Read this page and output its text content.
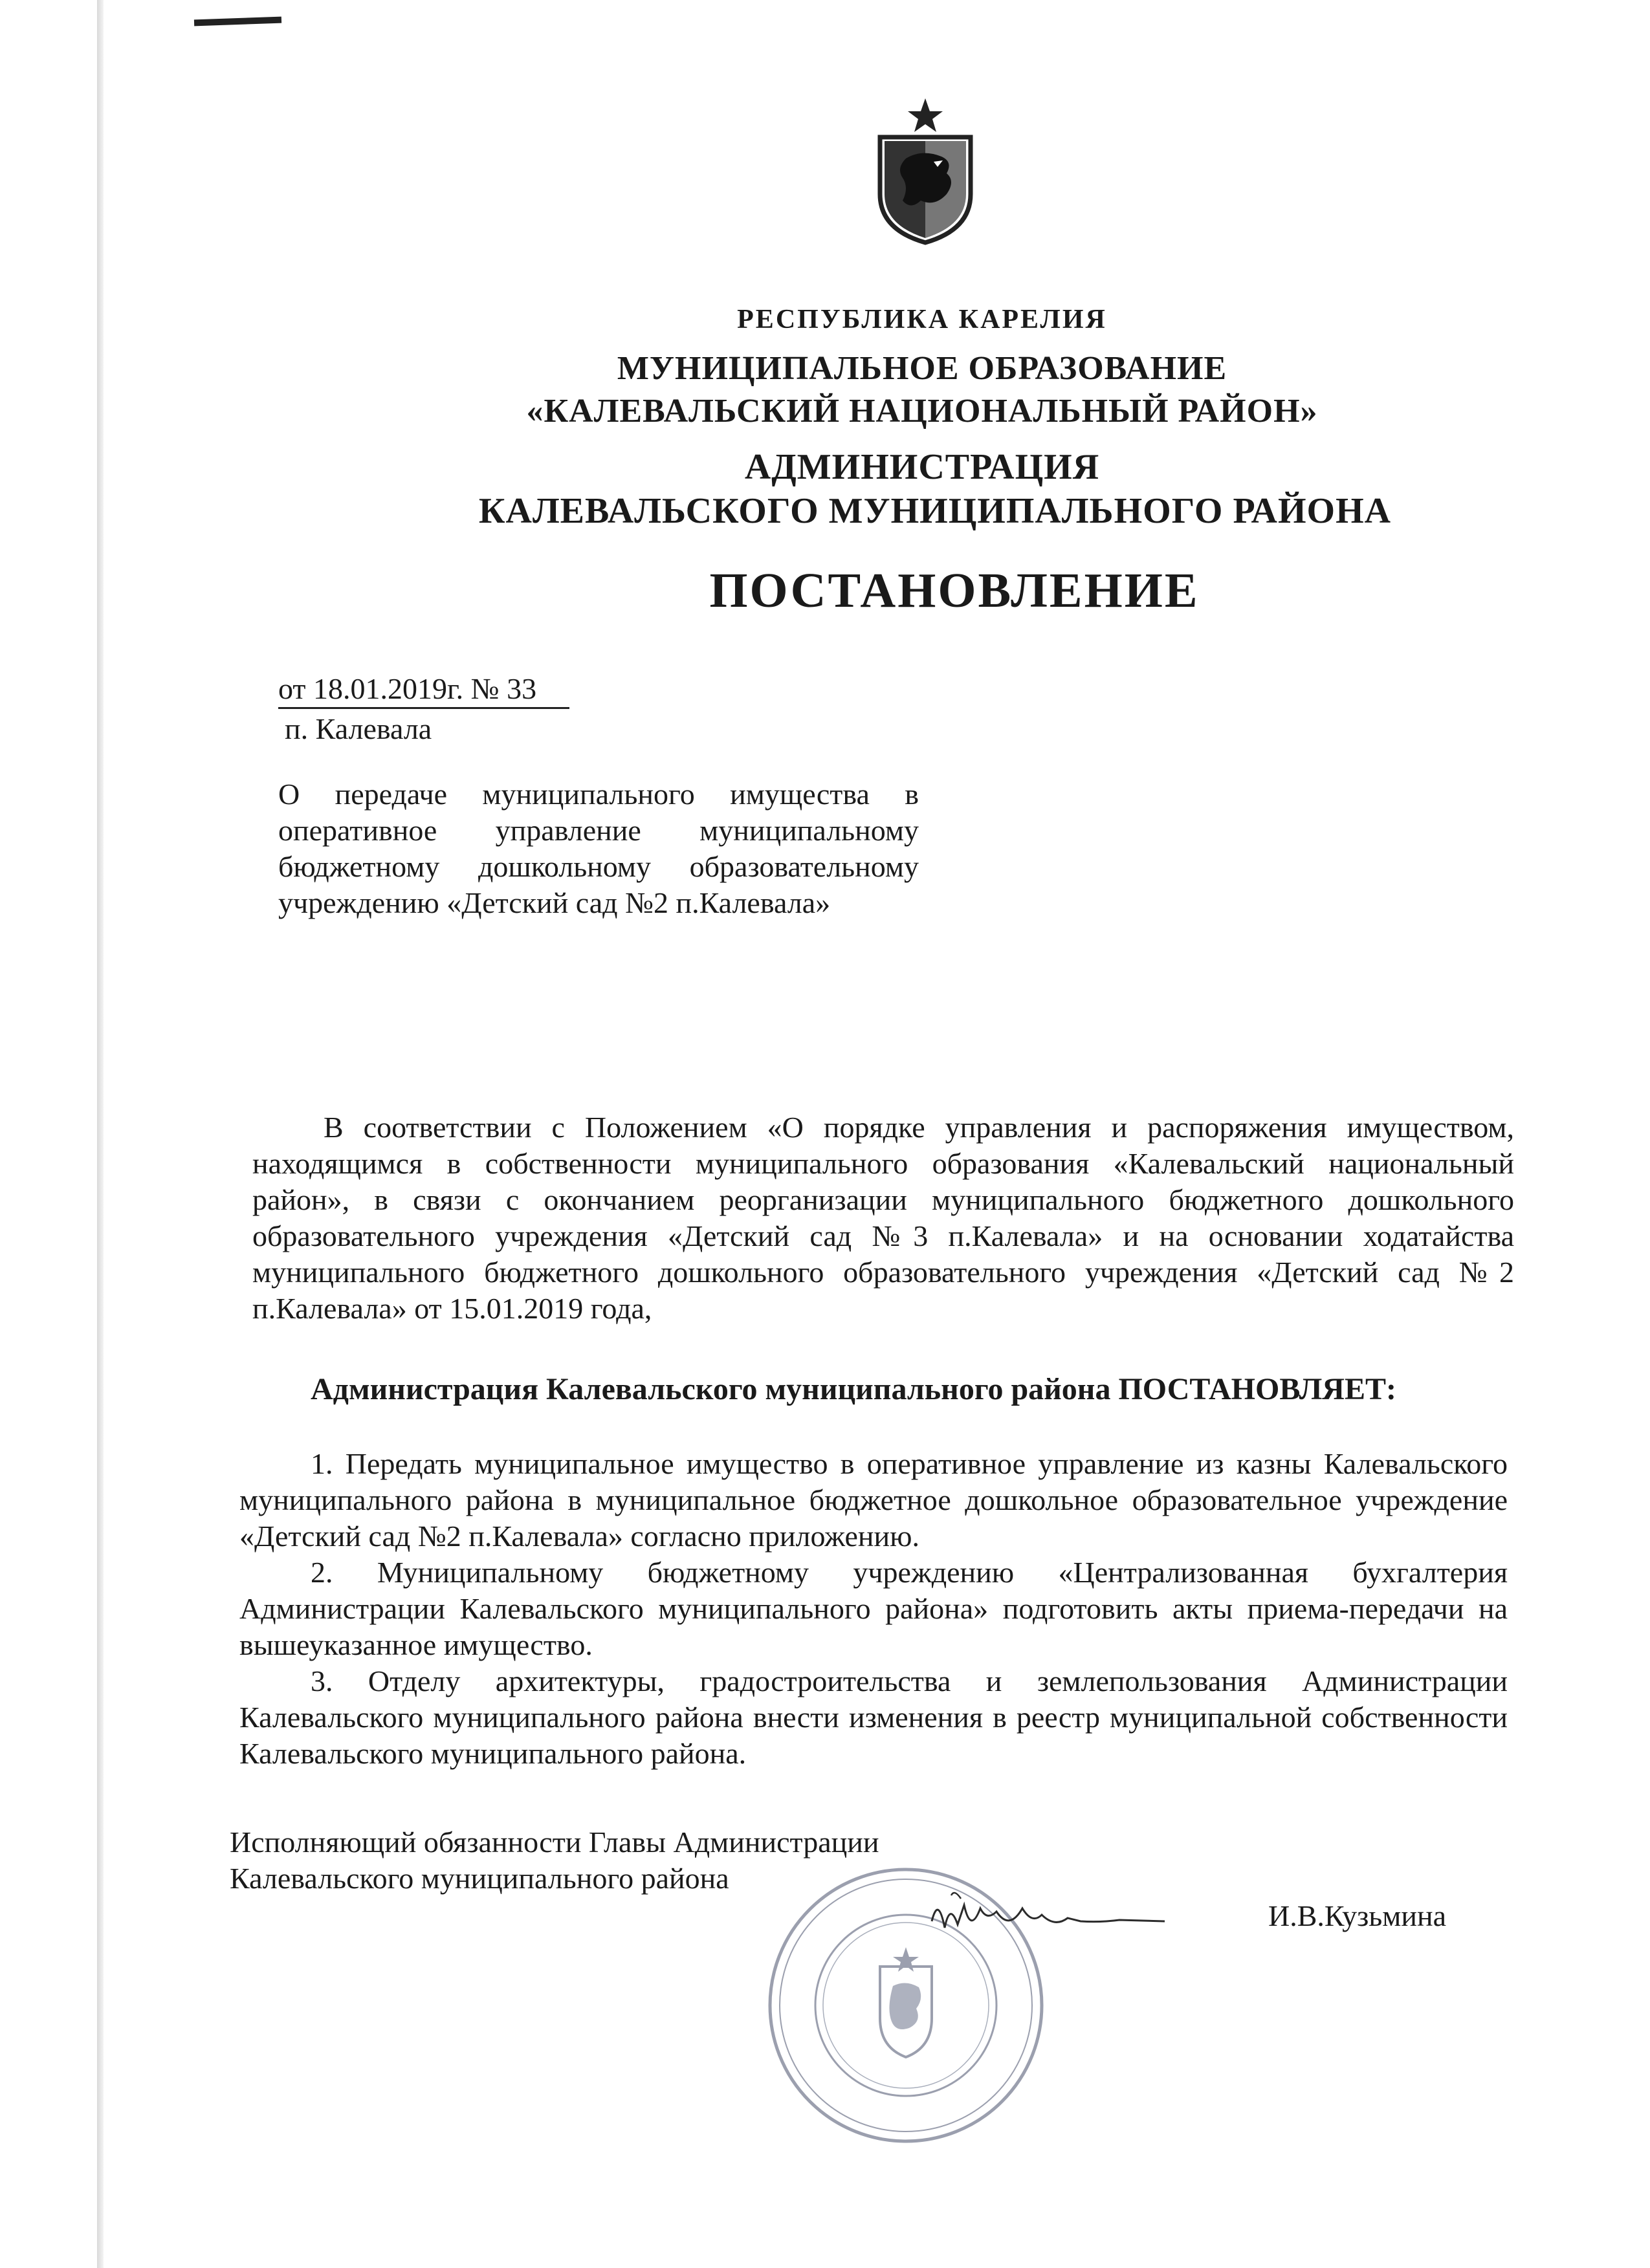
РЕСПУБЛИКА КАРЕЛИЯ
МУНИЦИПАЛЬНОЕ ОБРАЗОВАНИЕ
«КАЛЕВАЛЬСКИЙ НАЦИОНАЛЬНЫЙ РАЙОН»
АДМИНИСТРАЦИЯ
КАЛЕВАЛЬСКОГО МУНИЦИПАЛЬНОГО РАЙОНА
ПОСТАНОВЛЕНИЕ
от 18.01.2019г. № 33
п. Калевала
О передаче муниципального имущества в оперативное управление муниципальному бюджетному дошкольному образовательному учреждению «Детский сад №2 п.Калевала»

В соответствии с Положением «О порядке управления и распоряжения имуществом, находящимся в собственности муниципального образования «Калевальский национальный район», в связи с окончанием реорганизации муниципального бюджетного дошкольного образовательного учреждения «Детский сад №3 п.Калевала» и на основании ходатайства муниципального бюджетного дошкольного образовательного учреждения «Детский сад №2 п.Калевала» от 15.01.2019 года,

Администрация Калевальского муниципального района ПОСТАНОВЛЯЕТ:

1. Передать муниципальное имущество в оперативное управление из казны Калевальского муниципального района в муниципальное бюджетное дошкольное образовательное учреждение «Детский сад №2 п.Калевала» согласно приложению.

2. Муниципальному бюджетному учреждению «Централизованная бухгалтерия Администрации Калевальского муниципального района» подготовить акты приема-передачи на вышеуказанное имущество.

3. Отделу архитектуры, градостроительства и землепользования Администрации Калевальского муниципального района внести изменения в реестр муниципальной собственности Калевальского муниципального района.

Исполняющий обязанности Главы Администрации
Калевальского муниципального района
И.В.Кузьмина
